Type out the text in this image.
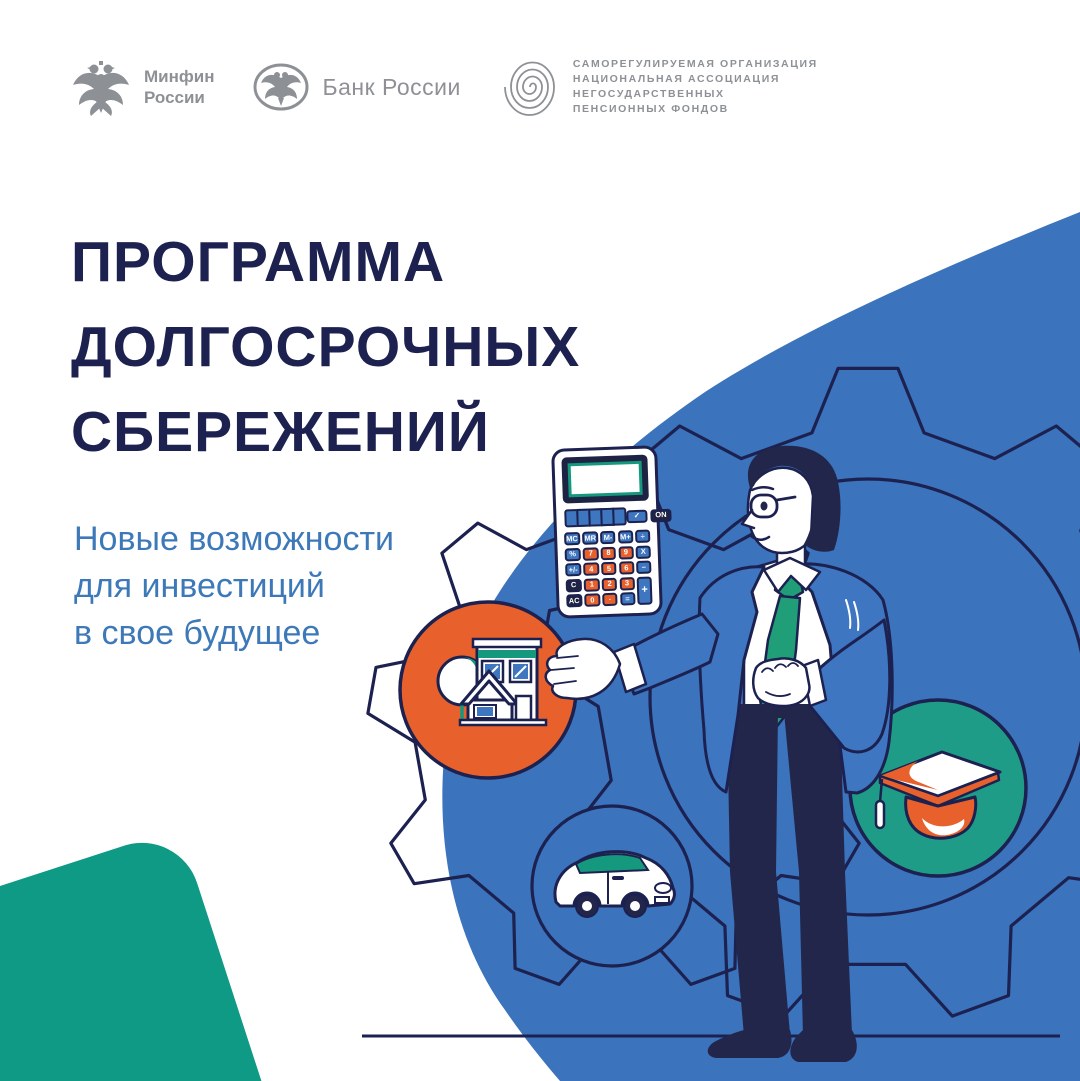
Минфин
России	Банк России
САМОРЕГУЛИРУЕМАЯ ОРГАНИЗАЦИЯ
НАЦИОНАЛЬНАЯ АССОЦИАЦИЯ
НЕГОСУДАРСТВЕННЫХ
ПЕНСИОННЫХ ФОНДОВ
ПРОГРАММА
ДОЛГОСРОЧНЫХ
СБЕРЕЖЕНИЙ

Новые возможности
для инвестиций
в свое будущее

✓	ON
MC MR M- M+	÷
%	7	8	9	X
+/-	4	5	6	−
C	1	2	3
+
AC	0	·	=
